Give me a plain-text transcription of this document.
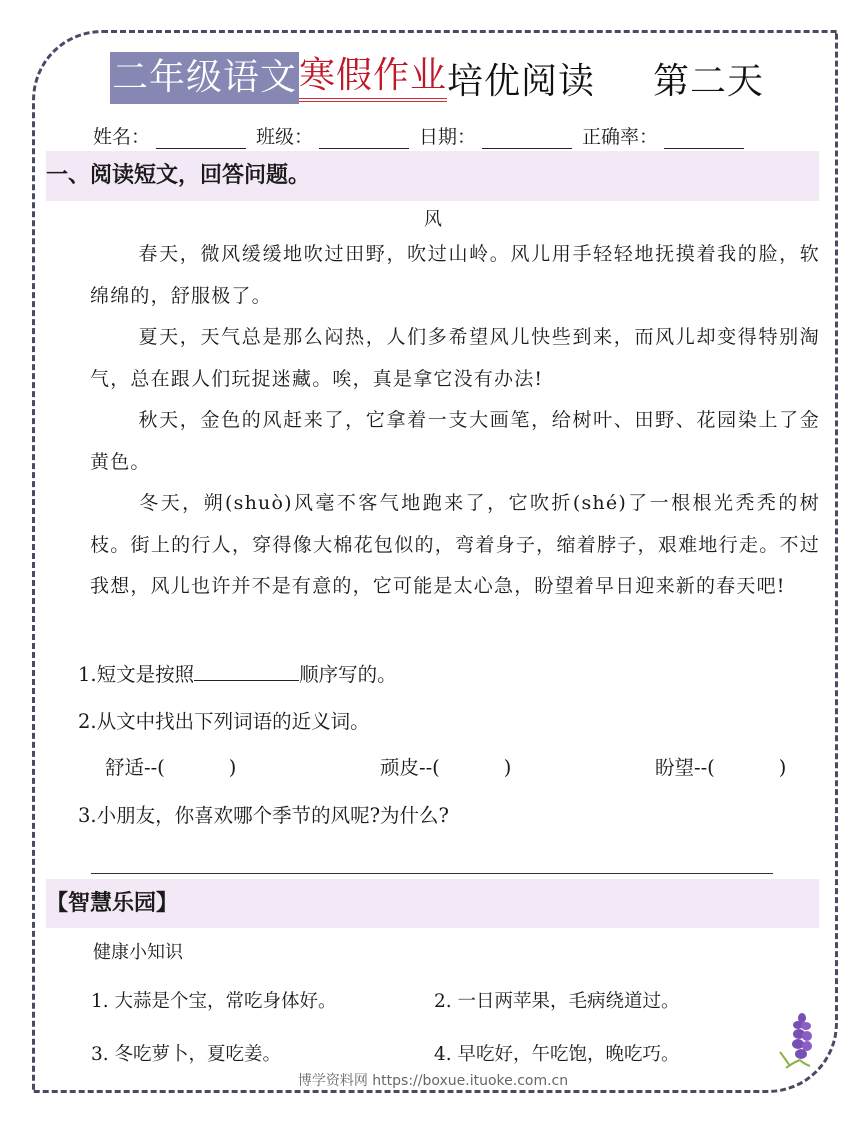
二年级语文 寒假作业 培优阅读 第二天
姓名：	班级：	日期：	正确率：
一、阅读短文，回答问题。
风
春天，微风缓缓地吹过田野，吹过山岭。风儿用手轻轻地抚摸着我的脸，软绵绵的，舒服极了。
夏天，天气总是那么闷热，人们多希望风儿快些到来，而风儿却变得特别淘气，总在跟人们玩捉迷藏。唉，真是拿它没有办法!
秋天，金色的风赶来了，它拿着一支大画笔，给树叶、田野、花园染上了金黄色。
冬天，朔(shuò)风毫不客气地跑来了，它吹折(shé)了一根根光秃秃的树枝。街上的行人，穿得像大棉花包似的，弯着身子，缩着脖子，艰难地行走。不过我想，风儿也许并不是有意的，它可能是太心急，盼望着早日迎来新的春天吧!
1.短文是按照	顺序写的。
2.从文中找出下列词语的近义词。
舒适--(	)	顽皮--(	)	盼望--(	)
3.小朋友，你喜欢哪个季节的风呢?为什么?
【智慧乐园】
健康小知识
1. 大蒜是个宝，常吃身体好。	2. 一日两苹果，毛病绕道过。
3. 冬吃萝卜，夏吃姜。	4. 早吃好，午吃饱，晚吃巧。
博学资料网 https://boxue.ituoke.com.cn
